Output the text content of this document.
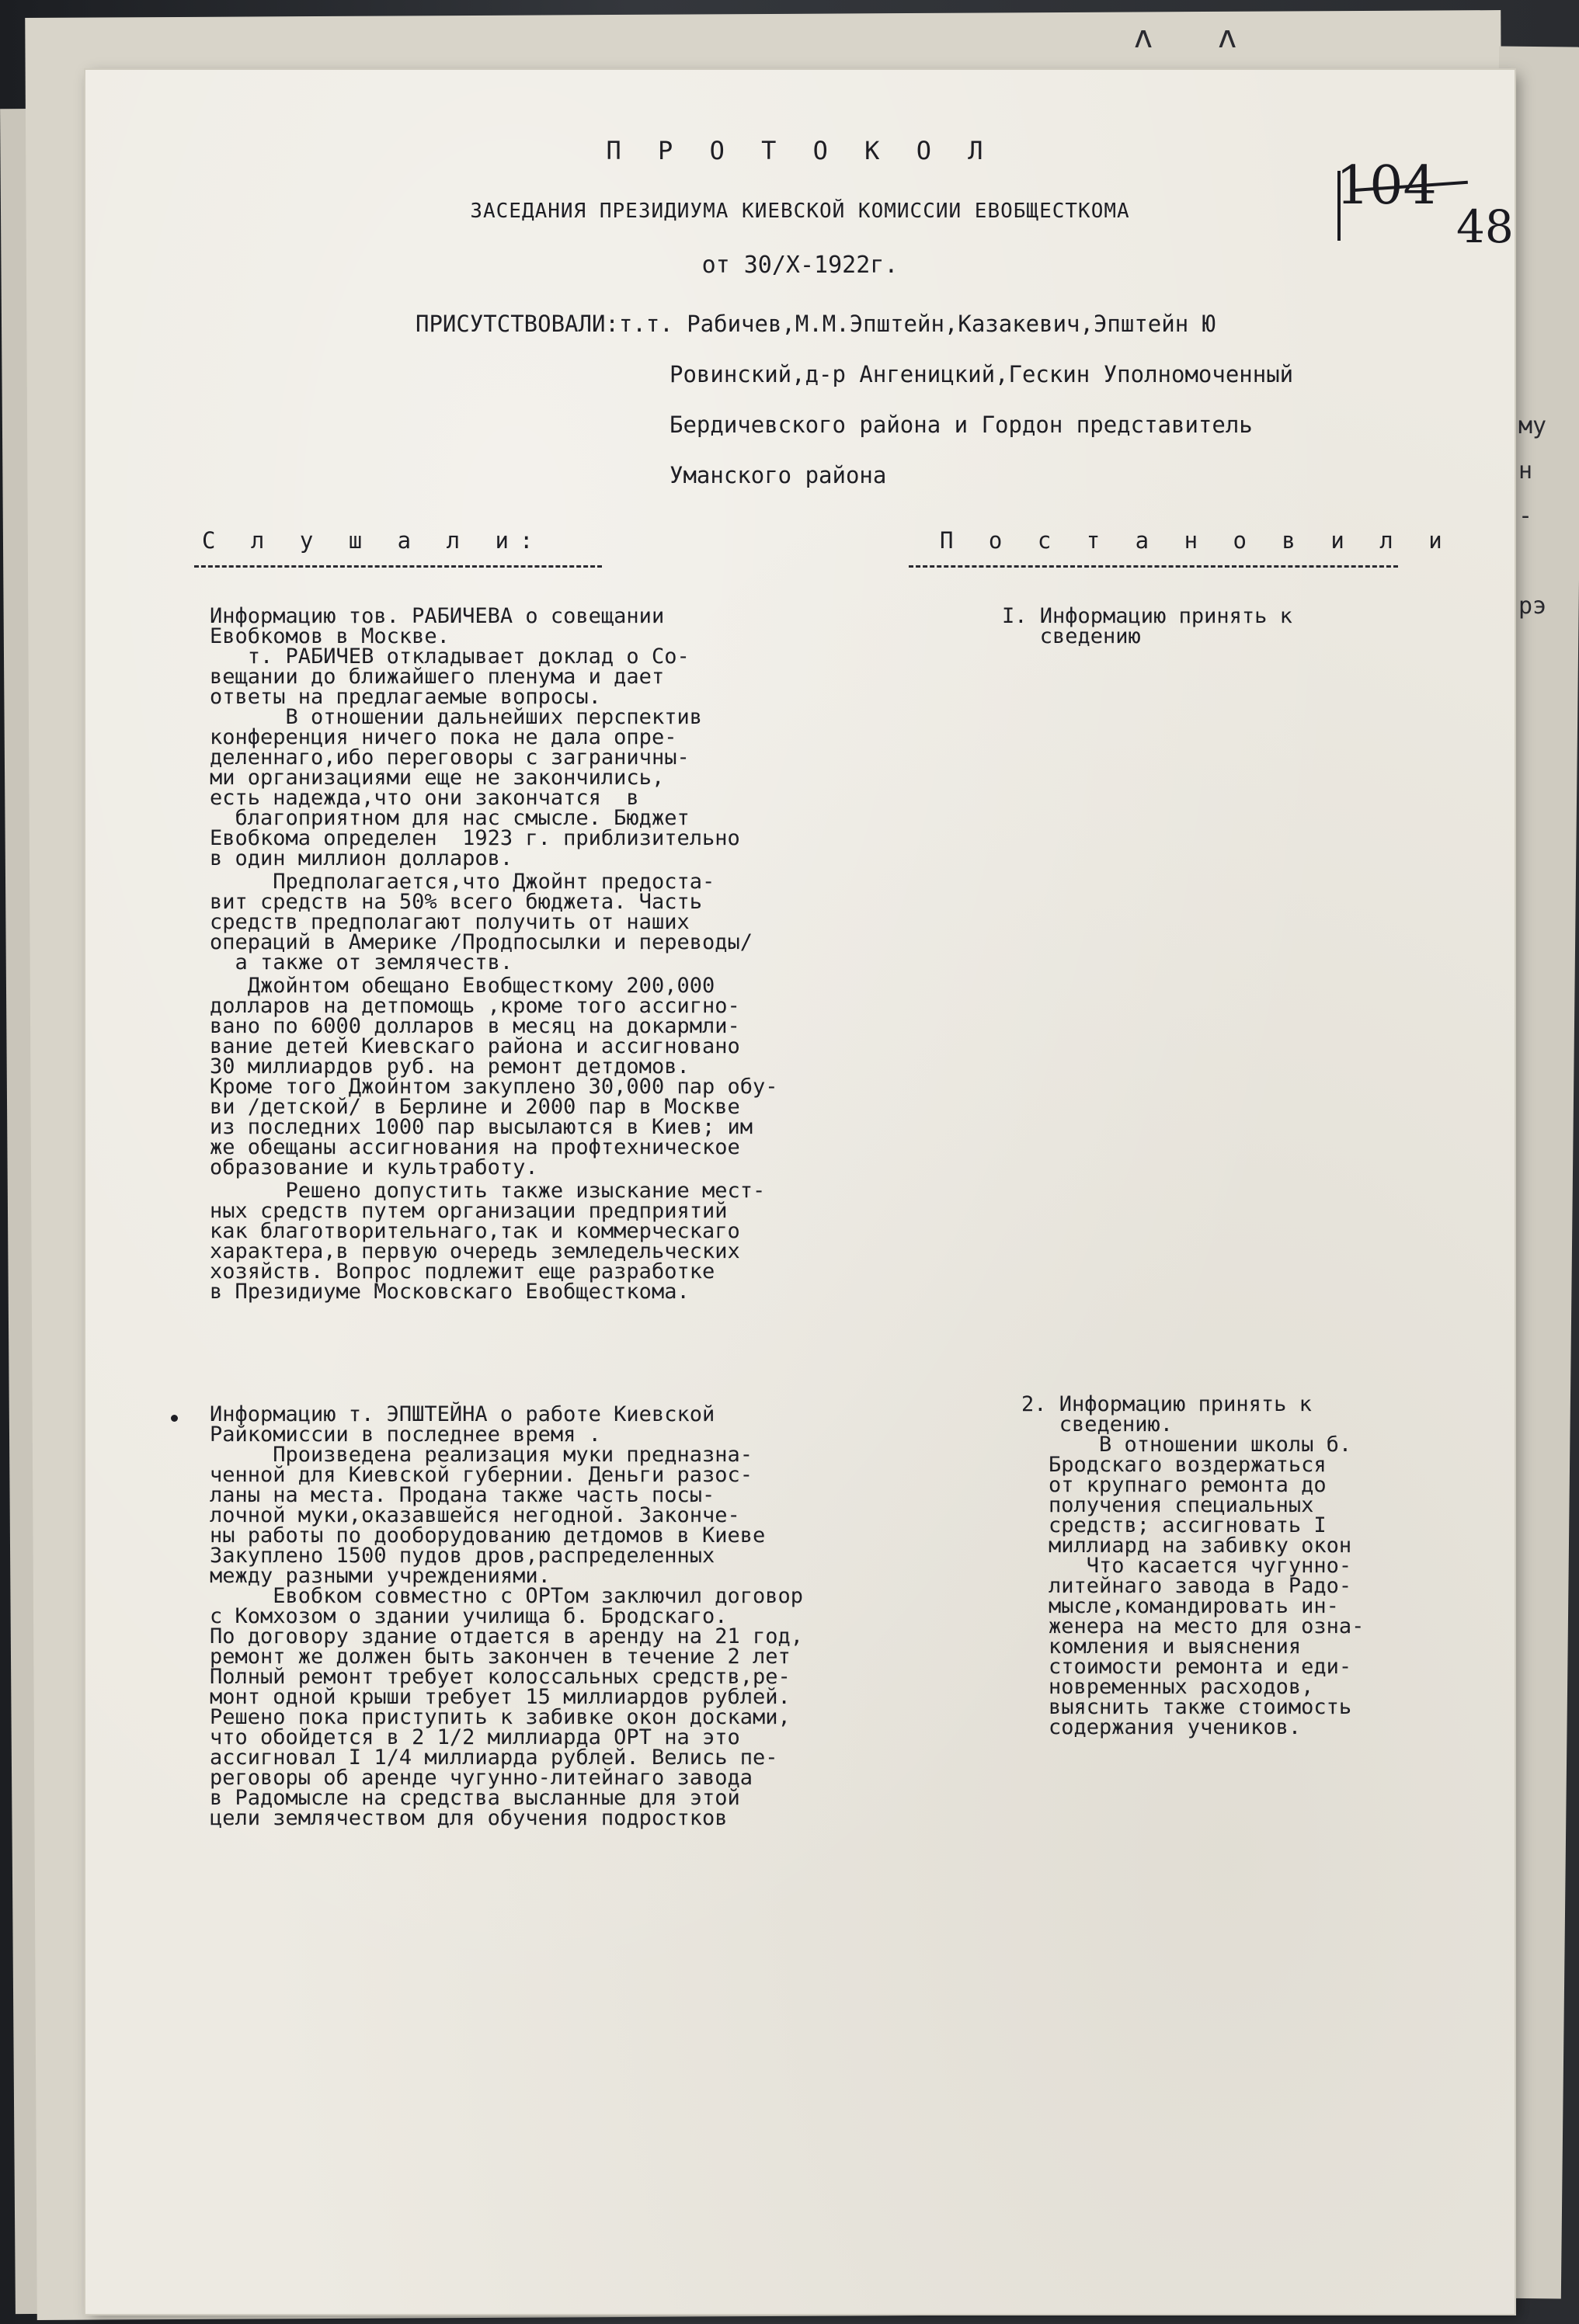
ʌ ʌ
му
н
-

рэ
104
48
П Р О Т О К О Л
ЗАСЕДАНИЯ ПРЕЗИДИУМА КИЕВСКОЙ КОМИССИИ ЕВОБЩЕСТКОМА
от 30/Х-1922г.
ПРИСУТСТВОВАЛИ:т.т. Рабичев,М.М.Эпштейн,Казакевич,Эпштейн Ю
Ровинский,д-р Ангеницкий,Гескин Уполномоченный
Бердичевского района и Гордон представитель
Уманского района
С л у ш а л и:	П о с т а н о в и л и
Информацию тов. РАБИЧЕВА о совещании
Евобкомов в Москве.
т. РАБИЧЕВ откладывает доклад о Со-
вещании до ближайшего пленума и дает
ответы на предлагаемые вопросы.
В отношении дальнейших перспектив
конференция ничего пока не дала опре-
деленнаго,ибо переговоры с заграничны-
ми организациями еще не закончились,
есть надежда,что они закончатся  в
благоприятном для нас смысле. Бюджет
Евобкома определен  1923 г. приблизительно
в один миллион долларов.
Предполагается,что Джойнт предоста-
вит средств на 50% всего бюджета. Часть
средств предполагают получить от наших
операций в Америке /Продпосылки и переводы/
а также от землячеств.
Джойнтом обещано Евобщесткому 200,000
долларов на детпомощь ,кроме того ассигно-
вано по 6000 долларов в месяц на докармли-
вание детей Киевскаго района и ассигновано
30 миллиардов руб. на ремонт детдомов.
Кроме того Джойнтом закуплено 30,000 пар обу-
ви /детской/ в Берлине и 2000 пар в Москве
из последних 1000 пар высылаются в Киев; им
же обещаны ассигнования на профтехническое
образование и культработу.
Решено допустить также изыскание мест-
ных средств путем организации предприятий
как благотворительнаго,так и коммерческаго
характера,в первую очередь земледельческих
хозяйств. Вопрос подлежит еще разработке
в Президиуме Московскаго Евобщесткома.
I. Информацию принять к
сведению
Информацию т. ЭПШТЕЙНА о работе Киевской
Райкомиссии в последнее время .
Произведена реализация муки предназна-
ченной для Киевской губернии. Деньги разос-
ланы на места. Продана также часть посы-
лочной муки,оказавшейся негодной. Законче-
ны работы по дооборудованию детдомов в Киеве
Закуплено 1500 пудов дров,распределенных
между разными учреждениями.
Евобком совместно с ОРТом заключил договор
с Комхозом о здании училища б. Бродскаго.
По договору здание отдается в аренду на 21 год,
ремонт же должен быть закончен в течение 2 лет
Полный ремонт требует колоссальных средств,ре-
монт одной крыши требует 15 миллиардов рублей.
Решено пока приступить к забивке окон досками,
что обойдется в 2 1/2 миллиарда ОРТ на это
ассигновал I 1/4 миллиарда рублей. Велись пе-
реговоры об аренде чугунно-литейнаго завода
в Радомысле на средства высланные для этой
цели землячеством для обучения подростков
2. Информацию принять к
сведению.
В отношении школы б.
Бродскаго воздержаться
от крупнаго ремонта до
получения специальных
средств; ассигновать I
миллиард на забивку окон
Что касается чугунно-
литейнаго завода в Радо-
мысле,командировать ин-
женера на место для озна-
комления и выяснения
стоимости ремонта и еди-
новременных расходов,
выяснить также стоимость
содержания учеников.
